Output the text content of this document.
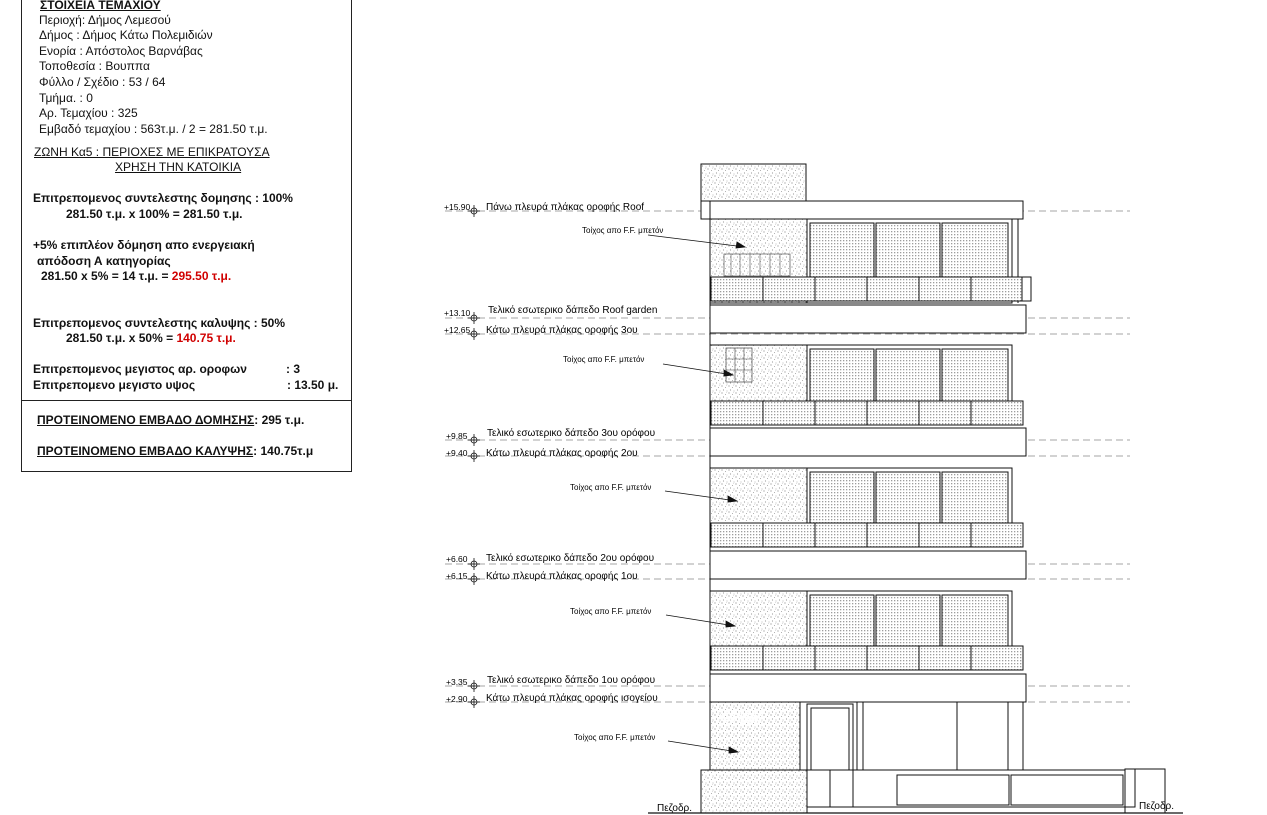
ΣΤΟΙΧΕΙΑ ΤΕΜΑΧΙΟΥ
Περιοχή: Δήμος Λεμεσού
Δήμος : Δήμος Κάτω Πολεμιδιών
Ενορία : Απόστολος Βαρνάβας
Τοποθεσία : Βουππα
Φύλλο / Σχέδιο : 53 / 64
Τμήμα. : 0
Αρ. Τεμαχίου : 325
Εμβαδό τεμαχίου : 563τ.μ. / 2 = 281.50 τ.μ.
ΖΩΝΗ Κα5 : ΠΕΡΙΟΧΕΣ ΜΕ ΕΠΙΚΡΑΤΟΥΣΑ
ΧΡΗΣΗ ΤΗΝ ΚΑΤΟΙΚΙΑ
Επιτρεπομενος συντελεστης δομησης : 100%
281.50 τ.μ. x 100% = 281.50 τ.μ.
+5% επιπλέον δόμηση απο ενεργειακή
απόδοση Α κατηγορίας
281.50 x 5% = 14 τ.μ. = 295.50 τ.μ.
Επιτρεπομενος συντελεστης καλυψης : 50%
281.50 τ.μ. x 50% = 140.75 τ.μ.
Επιτρεπομενος μεγιστος αρ. οροφων	: 3
Επιτρεπομενο μεγιστο υψος	: 13.50 μ.
ΠΡΟΤΕΙΝΟΜΕΝΟ ΕΜΒΑΔΟ ΔΟΜΗΣΗΣ: 295 τ.μ.
ΠΡΟΤΕΙΝΟΜΕΝΟ ΕΜΒΑΔΟ ΚΑΛΥΨΗΣ: 140.75τ.μ
+15.90 Πάνω πλευρά πλάκας οροφής Roof
+13.10 Τελικό εσωτερικο δάπεδο Roof garden
+12.65 Κάτω πλευρά πλάκας οροφής 3ου
+9.85 Τελικό εσωτερικο δάπεδο 3ου ορόφου
+9.40 Κάτω πλευρά πλάκας οροφής 2ου
+6.60 Τελικό εσωτερικο δάπεδο 2ου ορόφου
+6.15 Κάτω πλευρά πλάκας οροφής 1ου
+3.35 Τελικό εσωτερικο δάπεδο 1ου ορόφου
+2.90 Κάτω πλευρά πλάκας οροφής ισογείου
ORION
Τοίχος απο F.F. μπετόν
Τοίχος απο F.F. μπετόν
Τοίχος απο F.F. μπετόν
Τοίχος απο F.F. μπετόν
Τοίχος απο F.F. μπετόν
Πεζοδρ.	Πεζοδρ.
